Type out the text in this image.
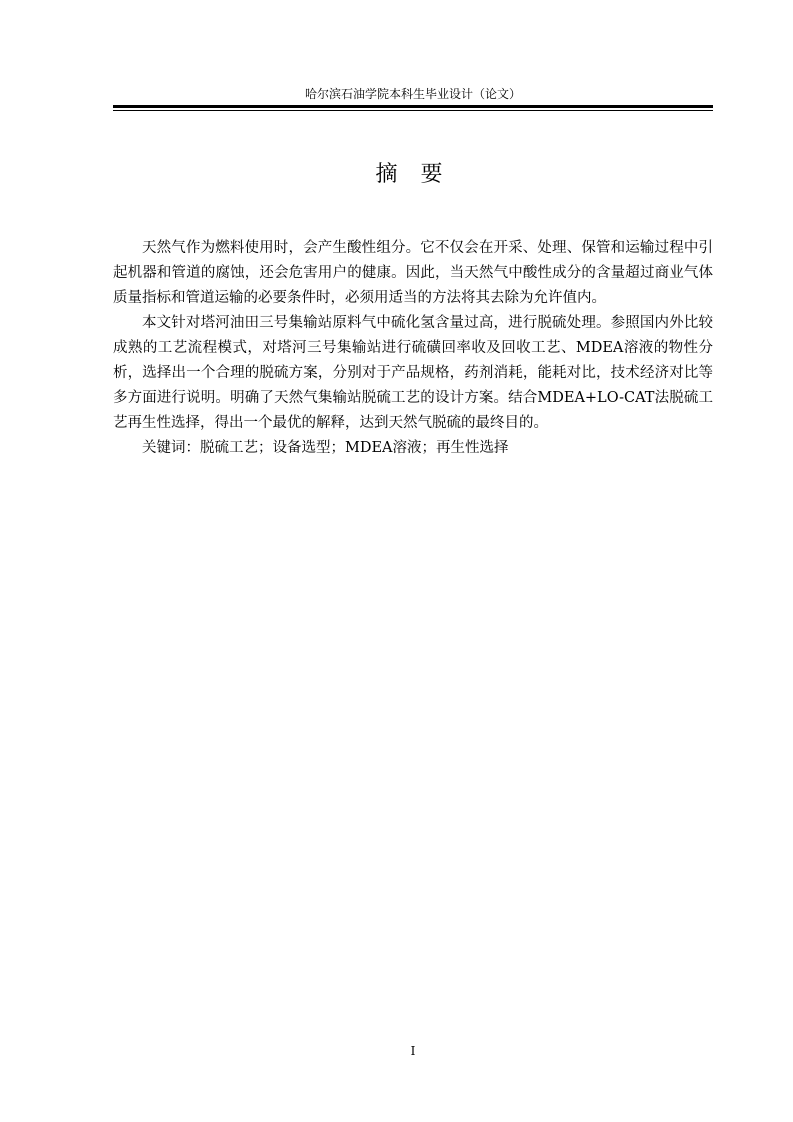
哈尔滨石油学院本科生毕业设计（论文）
摘 要

天然气作为燃料使用时，会产生酸性组分。它不仅会在开采、处理、保管和运输过程中引起机器和管道的腐蚀，还会危害用户的健康。因此，当天然气中酸性成分的含量超过商业气体质量指标和管道运输的必要条件时，必须用适当的方法将其去除为允许值内。

本文针对塔河油田三号集输站原料气中硫化氢含量过高，进行脱硫处理。参照国内外比较成熟的工艺流程模式，对塔河三号集输站进行硫磺回率收及回收工艺、MDEA溶液的物性分析，选择出一个合理的脱硫方案，分别对于产品规格，药剂消耗，能耗对比，技术经济对比等多方面进行说明。明确了天然气集输站脱硫工艺的设计方案。结合MDEA+LO-CAT法脱硫工艺再生性选择，得出一个最优的解释，达到天然气脱硫的最终目的。

关键词：脱硫工艺；设备选型；MDEA溶液；再生性选择

I
